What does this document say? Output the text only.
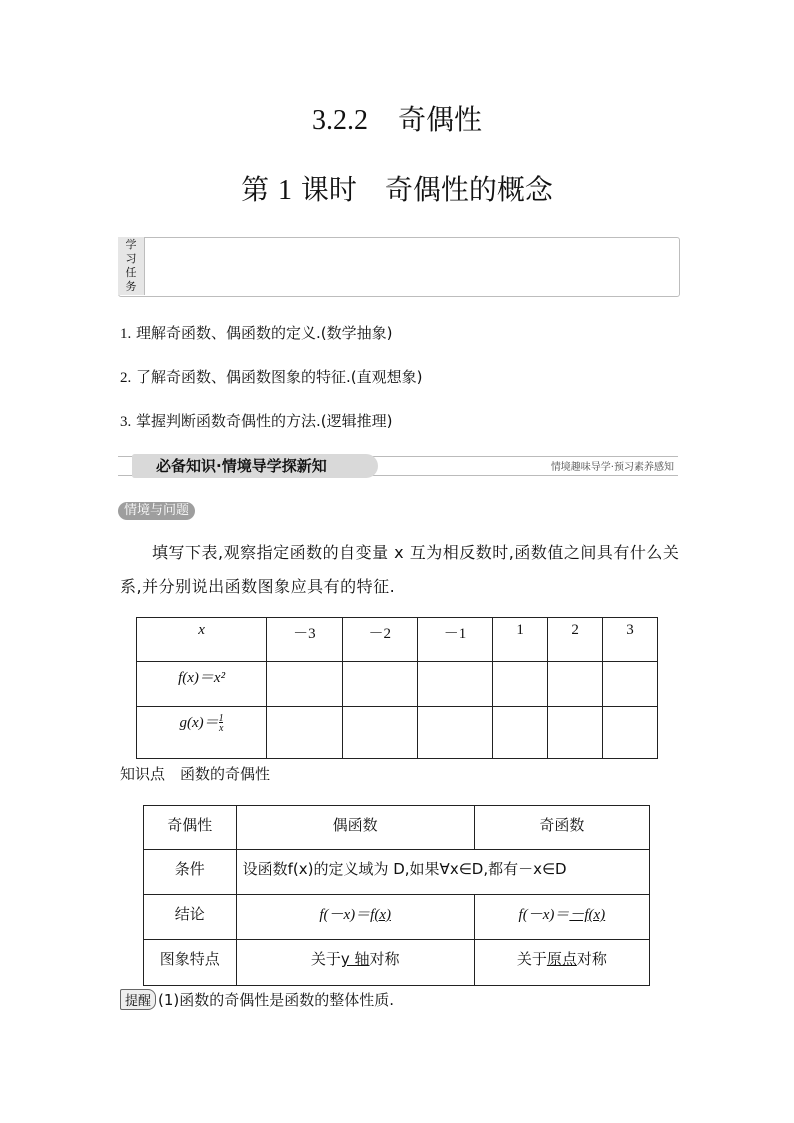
3.2.2 奇偶性
第 1 课时　 奇偶性的概念
学
习
任
务
1. 理解奇函数、偶函数的定义.(数学抽象)
2. 了解奇函数、偶函数图象的特征.(直观想象)
3. 掌握判断函数奇偶性的方法.(逻辑推理)
必备知识·情境导学探新知	情境趣味导学·预习素养感知
情境与问题
填写下表,观察指定函数的自变量 x 互为相反数时,函数值之间具有什么关系,并分别说出函数图象应具有的特征.
x	－3	－2	－1	1	2	3
f(x)＝x²						
$g(x)=\frac{1}{x}$						
知识点　函数的奇偶性
奇偶性	偶函数	奇函数
条件	设函数f(x)的定义域为 D,如果∀x∈D,都有－x∈D	
结论	f(－x)＝f(x)	f(－x)＝－f(x)
图象特点	关于y 轴对称	关于原点对称
提醒 (1)函数的奇偶性是函数的整体性质.
